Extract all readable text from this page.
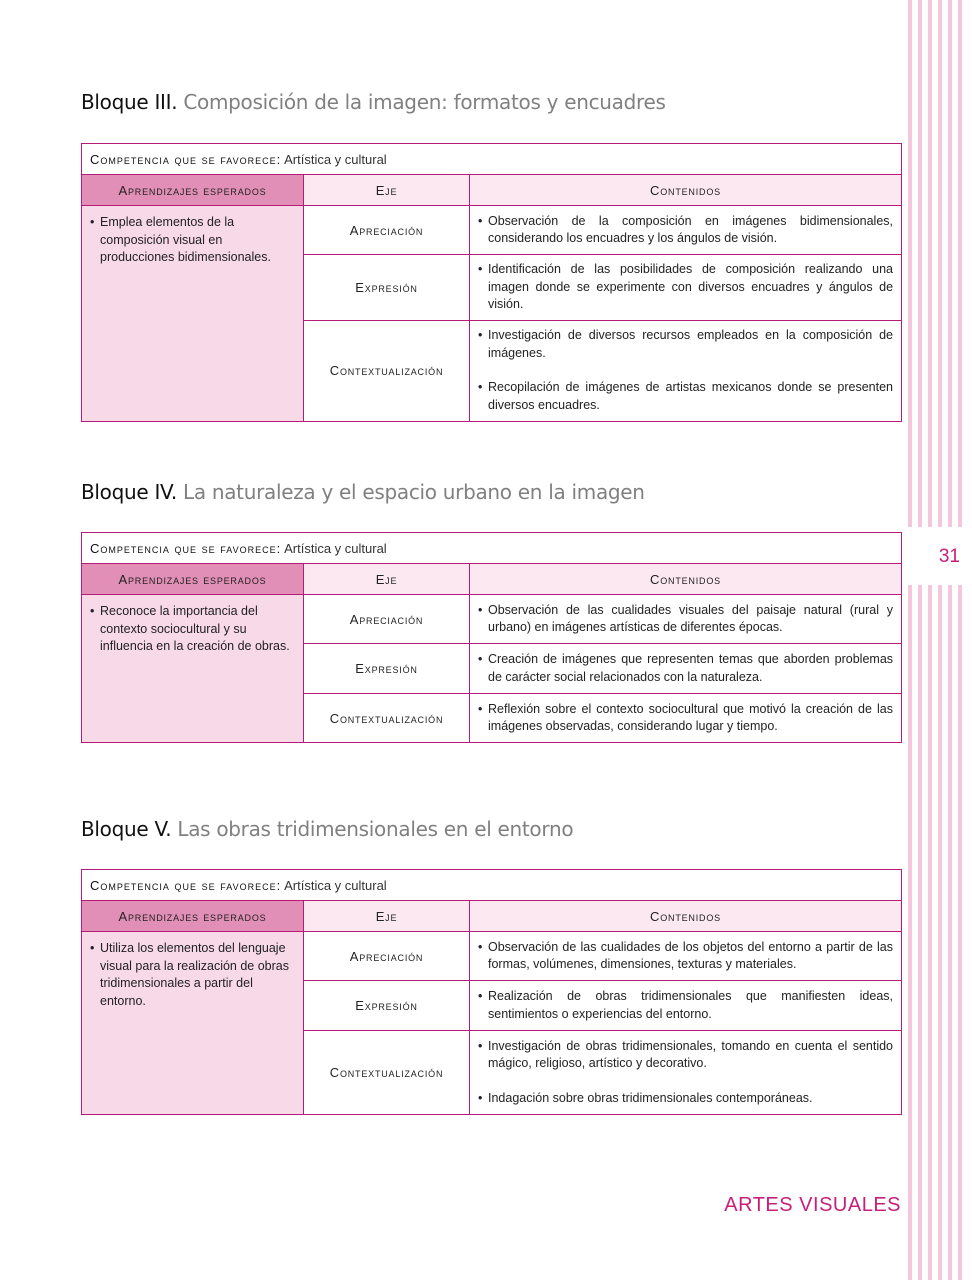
31
Bloque III. Composición de la imagen: formatos y encuadres
Competencia que se favorece: Artística y cultural		
Aprendizajes esperados	Eje	Contenidos

• Emplea elementos de la composición visual en producciones bidimensionales.	Apreciación	• Observación de la composición en imágenes bidimensionales, considerando los encuadres y los ángulos de visión.

	Expresión	• Identificación de las posibilidades de composición realizando una imagen donde se experimente con diversos encuadres y ángulos de visión.

	Contextualización	• Investigación de diversos recursos empleados en la composición de imágenes.
• Recopilación de imágenes de artistas mexicanos donde se presenten diversos encuadres.
Bloque IV. La naturaleza y el espacio urbano en la imagen
Competencia que se favorece: Artística y cultural		
Aprendizajes esperados	Eje	Contenidos

• Reconoce la importancia del contexto sociocultural y su influencia en la creación de obras.	Apreciación	• Observación de las cualidades visuales del paisaje natural (rural y urbano) en imágenes artísticas de diferentes épocas.

	Expresión	• Creación de imágenes que representen temas que aborden problemas de carácter social relacionados con la naturaleza.

	Contextualización	• Reflexión sobre el contexto sociocultural que motivó la creación de las imágenes observadas, considerando lugar y tiempo.
Bloque V. Las obras tridimensionales en el entorno
Competencia que se favorece: Artística y cultural		
Aprendizajes esperados	Eje	Contenidos

• Utiliza los elementos del lenguaje visual para la realización de obras tridimensionales a partir del entorno.	Apreciación	• Observación de las cualidades de los objetos del entorno a partir de las formas, volúmenes, dimensiones, texturas y materiales.

	Expresión	• Realización de obras tridimensionales que manifiesten ideas, sentimientos o experiencias del entorno.

	Contextualización	• Investigación de obras tridimensionales, tomando en cuenta el sentido mágico, religioso, artístico y decorativo.
• Indagación sobre obras tridimensionales contemporáneas.
ARTES VISUALES
